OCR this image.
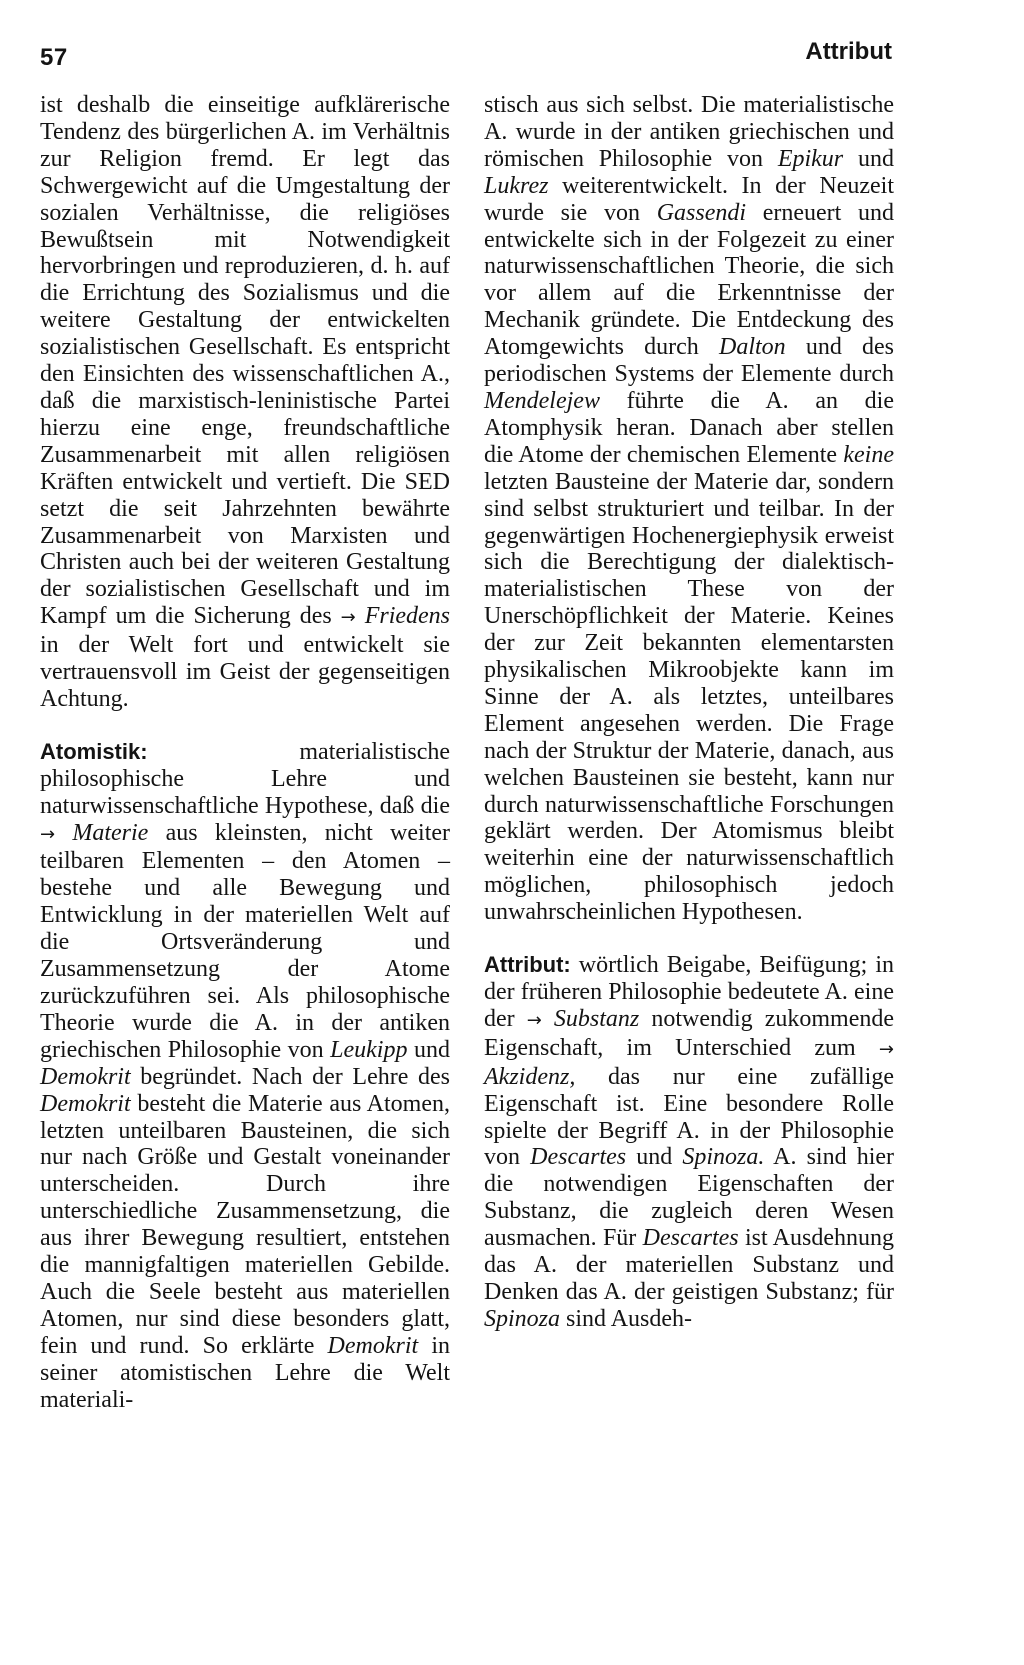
57	Attribut

ist deshalb die einseitige aufklärerische Tendenz des bürgerlichen A. im Verhältnis zur Religion fremd. Er legt das Schwergewicht auf die Umgestaltung der sozialen Verhältnisse, die religiöses Bewußtsein mit Notwendigkeit hervorbringen und reproduzieren, d. h. auf die Errichtung des Sozialismus und die weitere Gestaltung der entwickelten sozialistischen Gesellschaft. Es entspricht den Einsichten des wissenschaftlichen A., daß die marxistisch-leninistische Partei hierzu eine enge, freundschaftliche Zusammenarbeit mit allen religiösen Kräften entwickelt und vertieft. Die SED setzt die seit Jahrzehnten bewährte Zusammenarbeit von Marxisten und Christen auch bei der weiteren Gestaltung der sozialistischen Gesellschaft und im Kampf um die Sicherung des → Friedens in der Welt fort und entwickelt sie vertrauensvoll im Geist der gegenseitigen Achtung.

Atomistik: materialistische philosophische Lehre und naturwissenschaftliche Hypothese, daß die → Materie aus kleinsten, nicht weiter teilbaren Elementen – den Atomen – bestehe und alle Bewegung und Entwicklung in der materiellen Welt auf die Ortsveränderung und Zusammensetzung der Atome zurückzuführen sei. Als philosophische Theorie wurde die A. in der antiken griechischen Philosophie von Leukipp und Demokrit begründet. Nach der Lehre des Demokrit besteht die Materie aus Atomen, letzten unteilbaren Bausteinen, die sich nur nach Größe und Gestalt voneinander unterscheiden. Durch ihre unterschiedliche Zusammensetzung, die aus ihrer Bewegung resultiert, entstehen die mannigfaltigen materiellen Gebilde. Auch die Seele besteht aus materiellen Atomen, nur sind diese besonders glatt, fein und rund. So erklärte Demokrit in seiner atomistischen Lehre die Welt materiali-

stisch aus sich selbst. Die materialistische A. wurde in der antiken griechischen und römischen Philosophie von Epikur und Lukrez weiterentwickelt. In der Neuzeit wurde sie von Gassendi erneuert und entwickelte sich in der Folgezeit zu einer naturwissenschaftlichen Theorie, die sich vor allem auf die Erkenntnisse der Mechanik gründete. Die Entdeckung des Atomgewichts durch Dalton und des periodischen Systems der Elemente durch Mendelejew führte die A. an die Atomphysik heran. Danach aber stellen die Atome der chemischen Elemente keine letzten Bausteine der Materie dar, sondern sind selbst strukturiert und teilbar. In der gegenwärtigen Hochenergiephysik erweist sich die Berechtigung der dialektisch-materialistischen These von der Unerschöpflichkeit der Materie. Keines der zur Zeit bekannten elementarsten physikalischen Mikroobjekte kann im Sinne der A. als letztes, unteilbares Element angesehen werden. Die Frage nach der Struktur der Materie, danach, aus welchen Bausteinen sie besteht, kann nur durch naturwissenschaftliche Forschungen geklärt werden. Der Atomismus bleibt weiterhin eine der naturwissenschaftlich möglichen, philosophisch jedoch unwahrscheinlichen Hypothesen.

Attribut: wörtlich Beigabe, Beifügung; in der früheren Philosophie bedeutete A. eine der → Substanz notwendig zukommende Eigenschaft, im Unterschied zum → Akzidenz, das nur eine zufällige Eigenschaft ist. Eine besondere Rolle spielte der Begriff A. in der Philosophie von Descartes und Spinoza. A. sind hier die notwendigen Eigenschaften der Substanz, die zugleich deren Wesen ausmachen. Für Descartes ist Ausdehnung das A. der materiellen Substanz und Denken das A. der geistigen Substanz; für Spinoza sind Ausdeh-
